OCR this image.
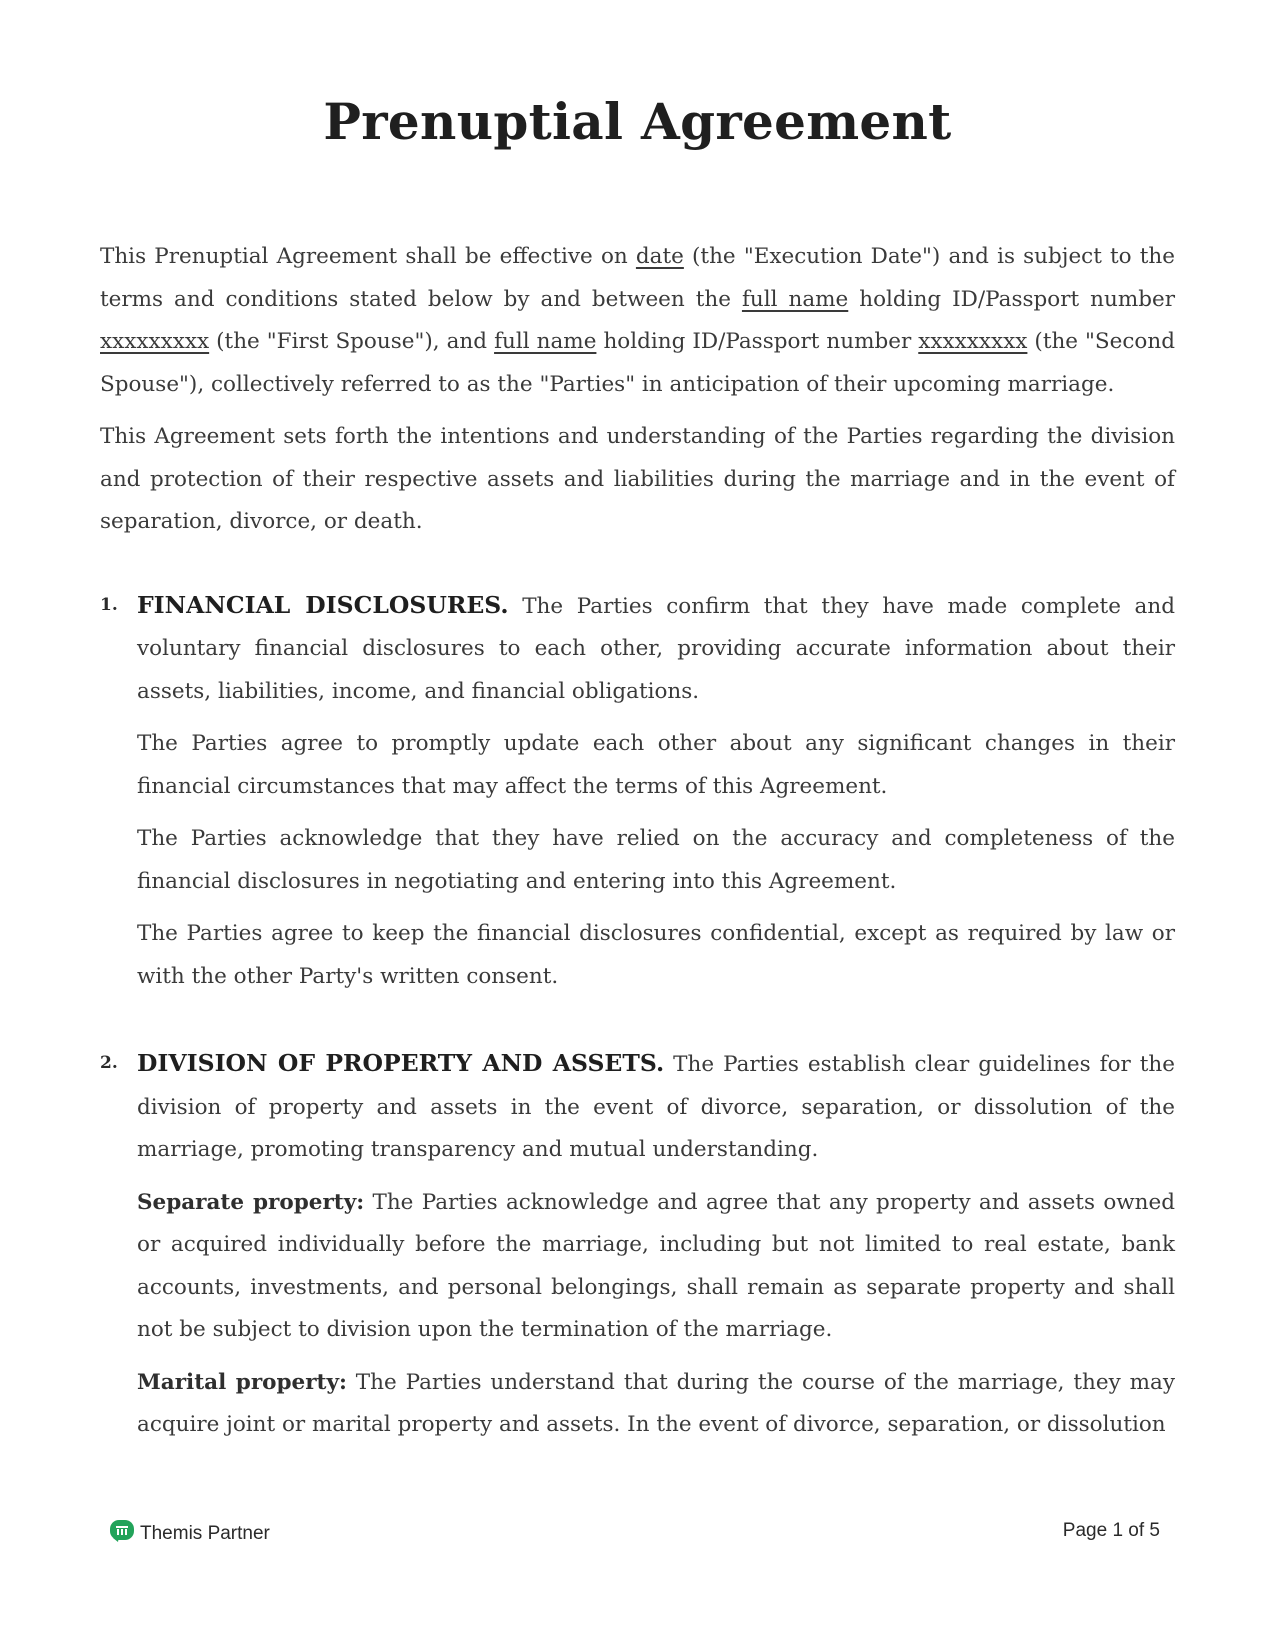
Prenuptial Agreement

This Prenuptial Agreement shall be effective on date (the "Execution Date") and is subject to the terms and conditions stated below by and between the full name holding ID/Passport number xxxxxxxxx (the "First Spouse"), and full name holding ID/Passport number xxxxxxxxx (the "Second Spouse"), collectively referred to as the "Parties" in anticipation of their upcoming marriage.

This Agreement sets forth the intentions and understanding of the Parties regarding the division and protection of their respective assets and liabilities during the marriage and in the event of separation, divorce, or death.

1. FINANCIAL DISCLOSURES. The Parties confirm that they have made complete and voluntary financial disclosures to each other, providing accurate information about their assets, liabilities, income, and financial obligations.

The Parties agree to promptly update each other about any significant changes in their financial circumstances that may affect the terms of this Agreement.

The Parties acknowledge that they have relied on the accuracy and completeness of the financial disclosures in negotiating and entering into this Agreement.

The Parties agree to keep the financial disclosures confidential, except as required by law or with the other Party's written consent.

2. DIVISION OF PROPERTY AND ASSETS. The Parties establish clear guidelines for the division of property and assets in the event of divorce, separation, or dissolution of the marriage, promoting transparency and mutual understanding.

Separate property: The Parties acknowledge and agree that any property and assets owned or acquired individually before the marriage, including but not limited to real estate, bank accounts, investments, and personal belongings, shall remain as separate property and shall not be subject to division upon the termination of the marriage.

Marital property: The Parties understand that during the course of the marriage, they may acquire joint or marital property and assets. In the event of divorce, separation, or dissolution

Themis Partner	Page 1 of 5
